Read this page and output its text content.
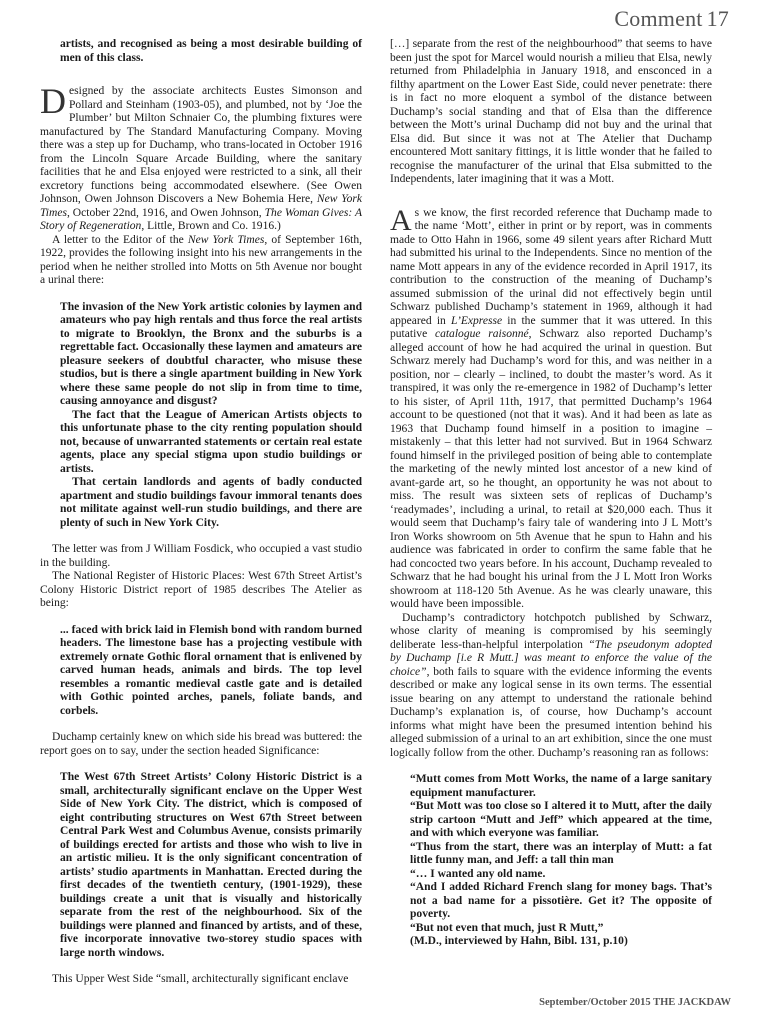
Comment 17

artists, and recognised as being a most desirable building of men of this class.

Designed by the associate architects Eustes Simonson and Pollard and Steinham (1903-05), and plumbed, not by ‘Joe the Plumber’ but Milton Schnaier Co, the plumbing fixtures were manufactured by The Standard Manufacturing Company. Moving there was a step up for Duchamp, who trans-located in October 1916 from the Lincoln Square Arcade Building, where the sanitary facilities that he and Elsa enjoyed were restricted to a sink, all their excretory functions being accommodated elsewhere. (See Owen Johnson, Owen Johnson Discovers a New Bohemia Here, New York Times, October 22nd, 1916, and Owen Johnson, The Woman Gives: A Story of Regeneration, Little, Brown and Co. 1916.)

A letter to the Editor of the New York Times, of September 16th, 1922, provides the following insight into his new arrangements in the period when he neither strolled into Motts on 5th Avenue nor bought a urinal there:

The invasion of the New York artistic colonies by laymen and amateurs who pay high rentals and thus force the real artists to migrate to Brooklyn, the Bronx and the suburbs is a regrettable fact. Occasionally these laymen and amateurs are pleasure seekers of doubtful character, who misuse these studios, but is there a single apartment building in New York where these same people do not slip in from time to time, causing annoyance and disgust?

The fact that the League of American Artists objects to this unfortunate phase to the city renting population should not, because of unwarranted statements or certain real estate agents, place any special stigma upon studio buildings or artists.

That certain landlords and agents of badly conducted apartment and studio buildings favour immoral tenants does not militate against well-run studio buildings, and there are plenty of such in New York City.

The letter was from J William Fosdick, who occupied a vast studio in the building.

The National Register of Historic Places: West 67th Street Artist’s Colony Historic District report of 1985 describes The Atelier as being:

... faced with brick laid in Flemish bond with random burned headers. The limestone base has a projecting vestibule with extremely ornate Gothic floral ornament that is enlivened by carved human heads, animals and birds. The top level resembles a romantic medieval castle gate and is detailed with Gothic pointed arches, panels, foliate bands, and corbels.

Duchamp certainly knew on which side his bread was buttered: the report goes on to say, under the section headed Significance:

The West 67th Street Artists’ Colony Historic District is a small, architecturally significant enclave on the Upper West Side of New York City. The district, which is composed of eight contributing structures on West 67th Street between Central Park West and Columbus Avenue, consists primarily of buildings erected for artists and those who wish to live in an artistic milieu. It is the only significant concentration of artists’ studio apartments in Manhattan. Erected during the first decades of the twentieth century, (1901-1929), these buildings create a unit that is visually and historically separate from the rest of the neighbourhood. Six of the buildings were planned and financed by artists, and of these, five incorporate innovative two-storey studio spaces with large north windows.

This Upper West Side “small, architecturally significant enclave

[…] separate from the rest of the neighbourhood” that seems to have been just the spot for Marcel would nourish a milieu that Elsa, newly returned from Philadelphia in January 1918, and ensconced in a filthy apartment on the Lower East Side, could never penetrate: there is in fact no more eloquent a symbol of the distance between Duchamp’s social standing and that of Elsa than the difference between the Mott’s urinal Duchamp did not buy and the urinal that Elsa did. But since it was not at The Atelier that Duchamp encountered Mott sanitary fittings, it is little wonder that he failed to recognise the manufacturer of the urinal that Elsa submitted to the Independents, later imagining that it was a Mott.

As we know, the first recorded reference that Duchamp made to the name ‘Mott’, either in print or by report, was in comments made to Otto Hahn in 1966, some 49 silent years after Richard Mutt had submitted his urinal to the Independents. Since no mention of the name Mott appears in any of the evidence recorded in April 1917, its contribution to the construction of the meaning of Duchamp’s assumed submission of the urinal did not effectively begin until Schwarz published Duchamp’s statement in 1969, although it had appeared in L’Expresse in the summer that it was uttered. In this putative catalogue raisonné, Schwarz also reported Duchamp’s alleged account of how he had acquired the urinal in question. But Schwarz merely had Duchamp’s word for this, and was neither in a position, nor – clearly – inclined, to doubt the master’s word. As it transpired, it was only the re-emergence in 1982 of Duchamp’s letter to his sister, of April 11th, 1917, that permitted Duchamp’s 1964 account to be questioned (not that it was). And it had been as late as 1963 that Duchamp found himself in a position to imagine – mistakenly – that this letter had not survived. But in 1964 Schwarz found himself in the privileged position of being able to contemplate the marketing of the newly minted lost ancestor of a new kind of avant-garde art, so he thought, an opportunity he was not about to miss. The result was sixteen sets of replicas of Duchamp’s ‘readymades’, including a urinal, to retail at $20,000 each. Thus it would seem that Duchamp’s fairy tale of wandering into J L Mott’s Iron Works showroom on 5th Avenue that he spun to Hahn and his audience was fabricated in order to confirm the same fable that he had concocted two years before. In his account, Duchamp revealed to Schwarz that he had bought his urinal from the J L Mott Iron Works showroom at 118-120 5th Avenue. As he was clearly unaware, this would have been impossible.

Duchamp’s contradictory hotchpotch published by Schwarz, whose clarity of meaning is compromised by his seemingly deliberate less-than-helpful interpolation “The pseudonym adopted by Duchamp [i.e R Mutt.] was meant to enforce the value of the choice”, both fails to square with the evidence informing the events described or make any logical sense in its own terms. The essential issue bearing on any attempt to understand the rationale behind Duchamp’s explanation is, of course, how Duchamp’s account informs what might have been the presumed intention behind his alleged submission of a urinal to an art exhibition, since the one must logically follow from the other. Duchamp’s reasoning ran as follows:

“Mutt comes from Mott Works, the name of a large sanitary equipment manufacturer.

“But Mott was too close so I altered it to Mutt, after the daily strip cartoon “Mutt and Jeff” which appeared at the time, and with which everyone was familiar.

“Thus from the start, there was an interplay of Mutt: a fat little funny man, and Jeff: a tall thin man

“… I wanted any old name.

“And I added Richard French slang for money bags. That’s not a bad name for a pissotière. Get it? The opposite of poverty.

“But not even that much, just R Mutt,”

(M.D., interviewed by Hahn, Bibl. 131, p.10)

September/October 2015 THE JACKDAW
